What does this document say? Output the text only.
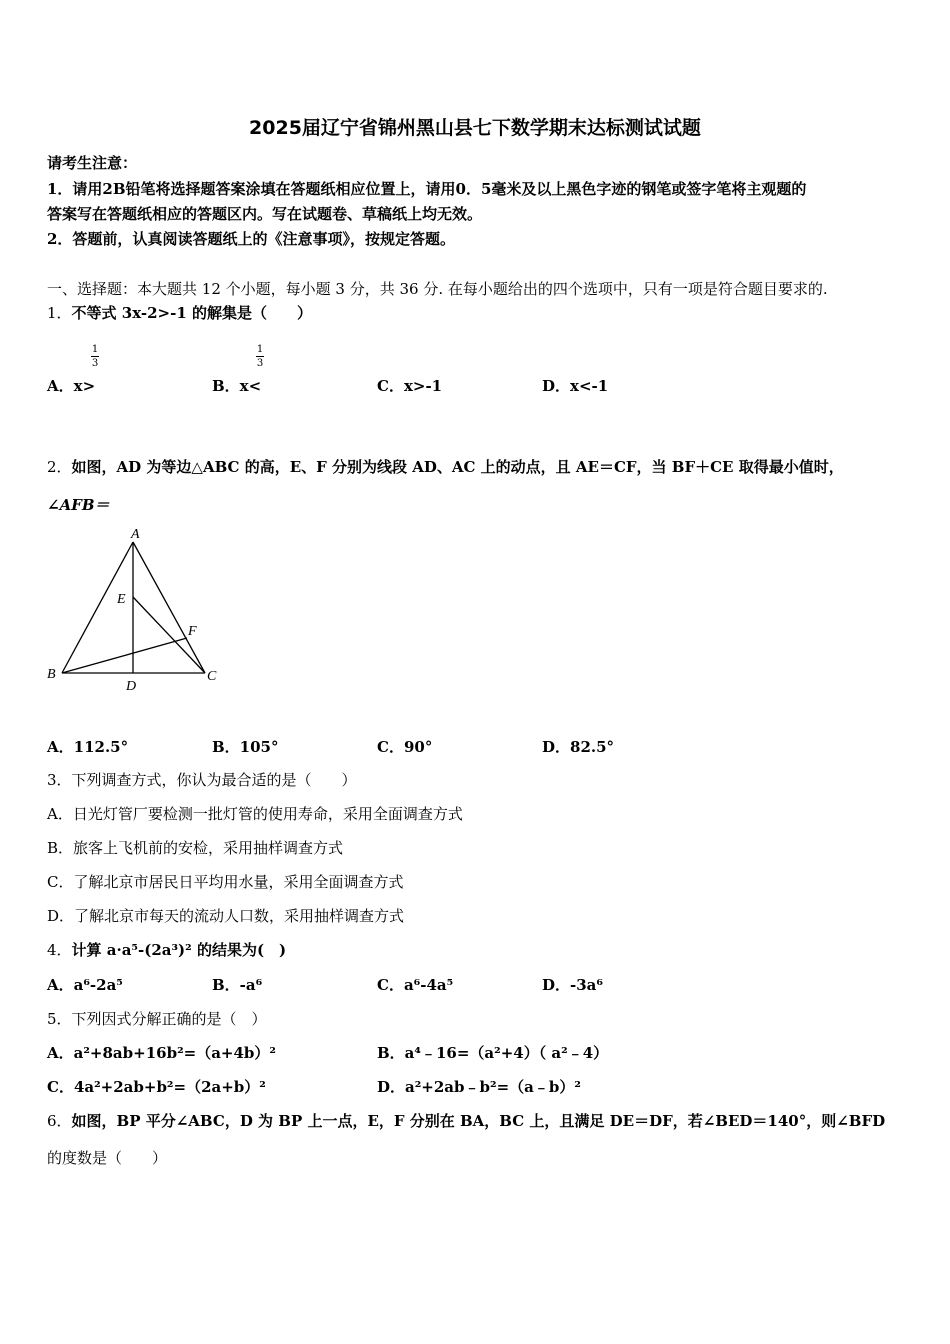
2025届辽宁省锦州黑山县七下数学期末达标测试试题
请考生注意：
1．请用2B铅笔将选择题答案涂填在答题纸相应位置上，请用0．5毫米及以上黑色字迹的钢笔或签字笔将主观题的
答案写在答题纸相应的答题区内。写在试题卷、草稿纸上均无效。
2．答题前，认真阅读答题纸上的《注意事项》，按规定答题。
一、选择题：本大题共 12 个小题，每小题 3 分，共 36 分. 在每小题给出的四个选项中，只有一项是符合题目要求的.
1．不等式 3x-2>-1 的解集是（　　）
1
3
1
3
A．x>	B．x<	C．x>-1	D．x<-1
2．如图，AD 为等边△ABC 的高，E、F 分别为线段 AD、AC 上的动点，且 AE＝CF，当 BF＋CE 取得最小值时，
∠AFB＝
A
B	C
D
E
F
A．112.5°	B．105°	C．90°	D．82.5°
3．下列调查方式，你认为最合适的是（　　）
A．日光灯管厂要检测一批灯管的使用寿命，采用全面调查方式
B．旅客上飞机前的安检，采用抽样调查方式
C．了解北京市居民日平均用水量，采用全面调查方式
D．了解北京市每天的流动人口数，采用抽样调查方式
4．计算 a·a⁵-(2a³)² 的结果为(　)
A．a⁶-2a⁵	B．-a⁶	C．a⁶-4a⁵	D．-3a⁶
5．下列因式分解正确的是（　）
A．a²+8ab+16b²=（a+4b）²	B．a⁴﹣16=（a²+4）（ a²﹣4）
C．4a²+2ab+b²=（2a+b）²	D．a²+2ab﹣b²=（a﹣b）²
6．如图，BP 平分∠ABC，D 为 BP 上一点，E，F 分别在 BA，BC 上，且满足 DE＝DF，若∠BED＝140°，则∠BFD
的度数是（　　）
